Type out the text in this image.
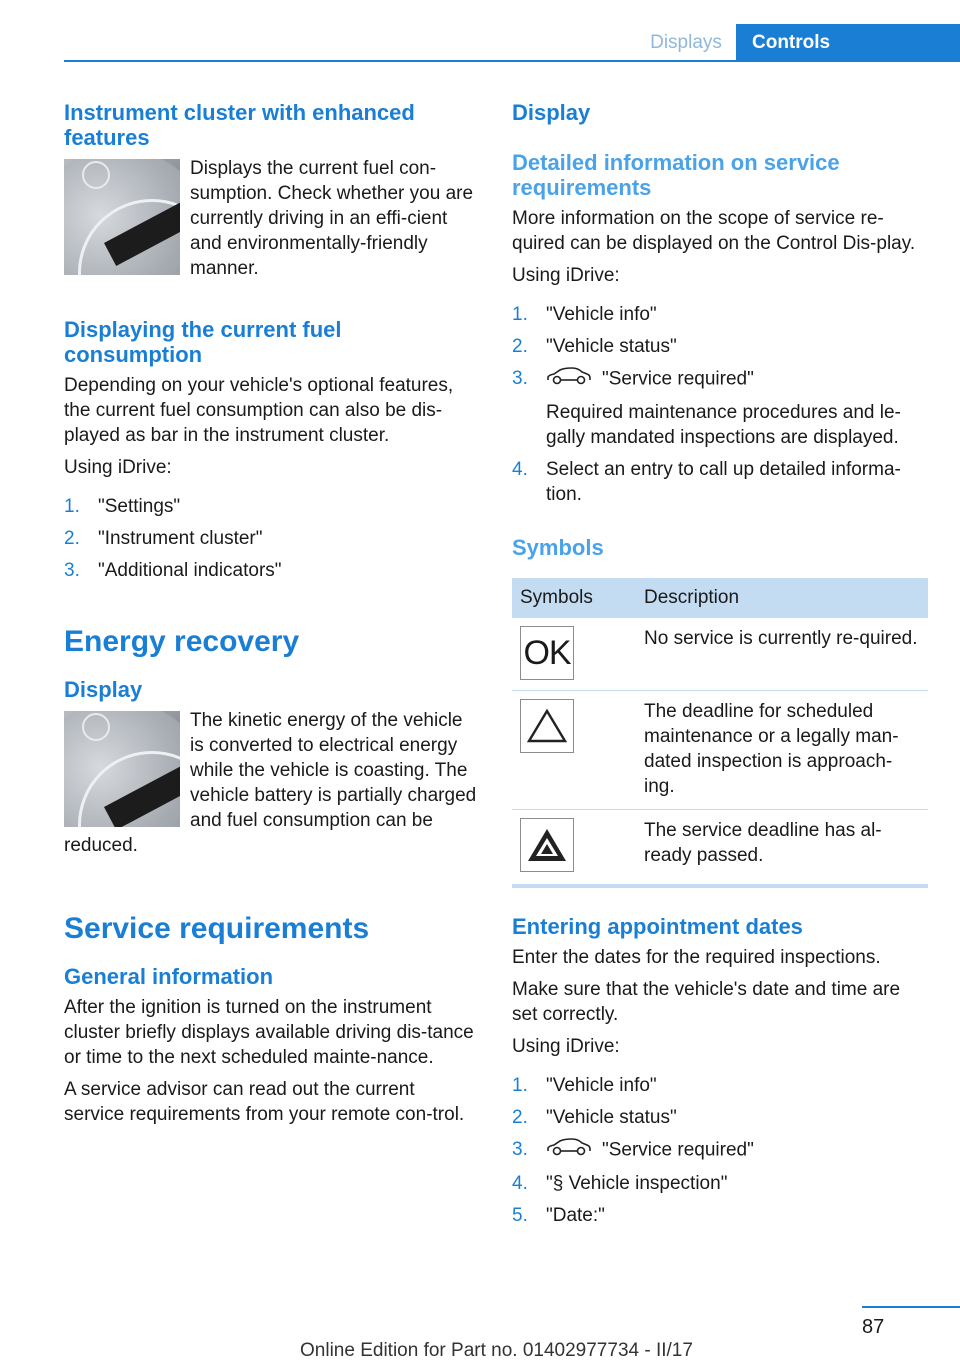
Displays	Controls
Instrument cluster with enhanced features

Displays the current fuel con-sumption. Check whether you are currently driving in an effi-cient and environmentally-friendly manner.

Displaying the current fuel consumption

Depending on your vehicle's optional features, the current fuel consumption can also be dis-played as bar in the instrument cluster.

Using iDrive:

1. "Settings"
2. "Instrument cluster"
3. "Additional indicators"
Energy recovery
Display

The kinetic energy of the vehicle is converted to electrical energy while the vehicle is coasting. The vehicle battery is partially charged and fuel consumption can be reduced.

Service requirements
General information

After the ignition is turned on the instrument cluster briefly displays available driving dis-tance or time to the next scheduled mainte-nance.

A service advisor can read out the current service requirements from your remote con-trol.

Display
Detailed information on service requirements

More information on the scope of service re-quired can be displayed on the Control Dis-play.

Using iDrive:

1. "Vehicle info"
2. "Vehicle status"
3.	"Service required"
Required maintenance procedures and le-gally mandated inspections are displayed.
4. Select an entry to call up detailed informa-tion.
Symbols
Symbols	Description

OK	No service is currently re-quired.

	The deadline for scheduled maintenance or a legally man-dated inspection is approach-ing.

	The service deadline has al-ready passed.
Entering appointment dates

Enter the dates for the required inspections.

Make sure that the vehicle's date and time are set correctly.

Using iDrive:

1. "Vehicle info"
2. "Vehicle status"
3.	"Service required"
4. "§ Vehicle inspection"
5. "Date:"
87
Online Edition for Part no. 01402977734 - II/17
